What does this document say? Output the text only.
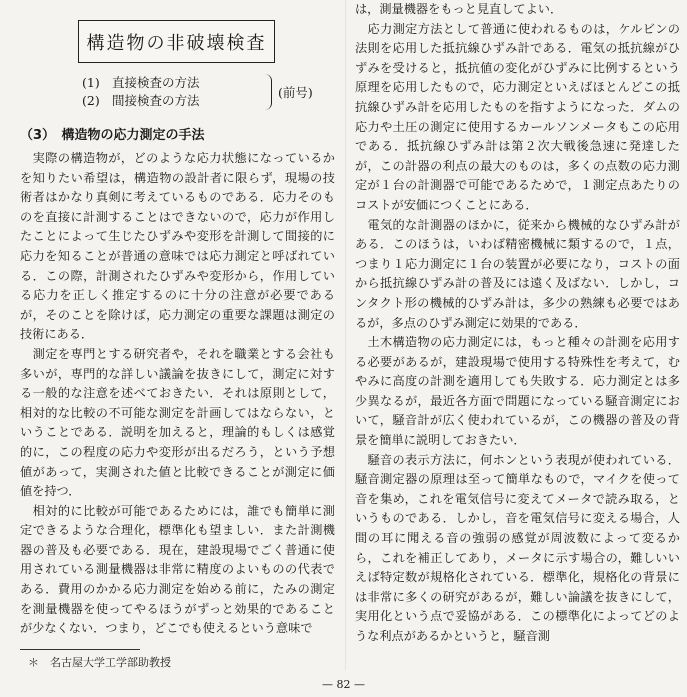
構造物の非破壊検査
(1) 直接検査の方法
(2) 間接検査の方法
(前号)
（3）　構造物の応力測定の手法

　実際の構造物が，どのような応力状態になっているかを知りたい希望は，構造物の設計者に限らず，現場の技術者はかなり真剣に考えているものである．応力そのものを直接に計測することはできないので，応力が作用したことによって生じたひずみや変形を計測して間接的に応力を知ることが普通の意味では応力測定と呼ばれている．この際，計測されたひずみや変形から，作用している応力を正しく推定するのに十分の注意が必要であるが，そのことを除けば，応力測定の重要な課題は測定の技術にある．

　測定を専門とする研究者や，それを職業とする会社も多いが，専門的な詳しい議論を抜きにして，測定に対する一般的な注意を述べておきたい．それは原則として，相対的な比較の不可能な測定を計画してはならない，ということである．説明を加えると，理論的もしくは感覚的に，この程度の応力や変形が出るだろう，という予想値があって，実測された値と比較できることが測定に価値を持つ．

　相対的に比較が可能であるためには，誰でも簡単に測定できるような合理化，標準化も望ましい．また計測機器の普及も必要である．現在，建設現場でごく普通に使用されている測量機器は非常に精度のよいものの代表である．費用のかかる応力測定を始める前に，たみの測定を測量機器を使ってやるほうがずっと効果的であることが少なくない．つまり，どこでも使えるという意味で

は，測量機器をもっと見直してよい．

　応力測定方法として普通に使われるものは，ケルビンの法則を応用した抵抗線ひずみ計である．電気の抵抗線がひずみを受けると，抵抗値の変化がひずみに比例するという原理を応用したもので，応力測定といえばほとんどこの抵抗線ひずみ計を応用したものを指すようになった．ダムの応力や土圧の測定に使用するカールソンメータもこの応用である．抵抗線ひずみ計は第２次大戦後急速に発達したが，この計器の利点の最大のものは，多くの点数の応力測定が１台の計測器で可能であるためで，１測定点あたりのコストが安価につくことにある．

　電気的な計測器のほかに，従来から機械的なひずみ計がある．このほうは，いわば精密機械に類するので，１点，つまり１応力測定に１台の装置が必要になり，コストの面から抵抗線ひずみ計の普及には遠く及ばない．しかし，コンタクト形の機械的ひずみ計は，多少の熟練も必要ではあるが，多点のひずみ測定に効果的である．

　土木構造物の応力測定には，もっと種々の計測を応用する必要があるが，建設現場で使用する特殊性を考えて，むやみに高度の計測を適用しても失敗する．応力測定とは多少異なるが，最近各方面で問題になっている騒音測定において，騒音計が広く使われているが，この機器の普及の背景を簡単に説明しておきたい．

　騒音の表示方法に，何ホンという表現が使われている．騒音測定器の原理は至って簡単なもので，マイクを使って音を集め，これを電気信号に変えてメータで読み取る，というものである．しかし，音を電気信号に変える場合，人間の耳に聞える音の強弱の感覚が周波数によって変るから，これを補正してあり，メータに示す場合の，難しいいえば特定数が規格化されている．標準化，規格化の背景には非常に多くの研究があるが，難しい論議を抜きにして，実用化という点で妥協がある．この標準化によってどのような利点があるかというと，騒音測

＊　名古屋大学工学部助教授
— 82 —
